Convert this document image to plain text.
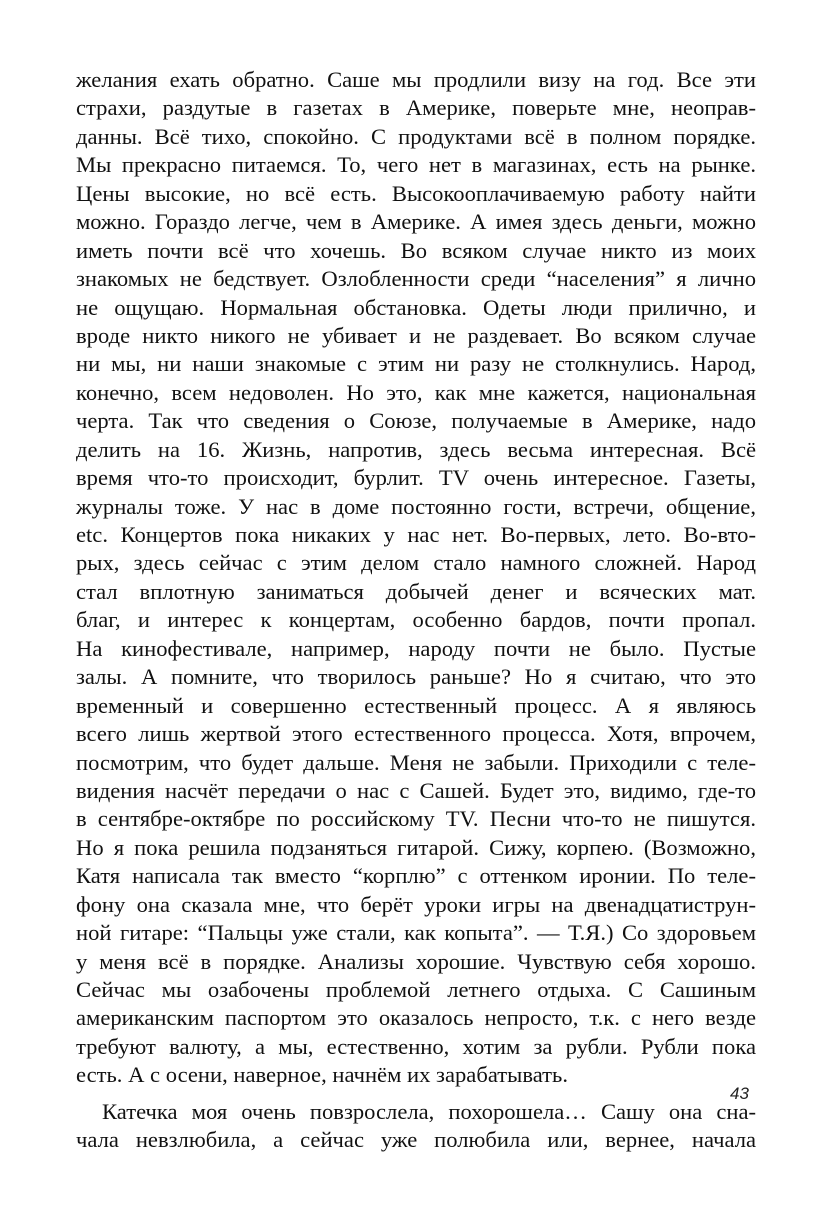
желания ехать обратно. Саше мы продлили визу на год. Все эти
страхи, раздутые в газетах в Америке, поверьте мне, неоправ-
данны. Всё тихо, спокойно. С продуктами всё в полном порядке.
Мы прекрасно питаемся. То, чего нет в магазинах, есть на рынке.
Цены высокие, но всё есть. Высокооплачиваемую работу найти
можно. Гораздо легче, чем в Америке. А имея здесь деньги, можно
иметь почти всё что хочешь. Во всяком случае никто из моих
знакомых не бедствует. Озлобленности среди “населения” я лично
не ощущаю. Нормальная обстановка. Одеты люди прилично, и
вроде никто никого не убивает и не раздевает. Во всяком случае
ни мы, ни наши знакомые с этим ни разу не столкнулись. Народ,
конечно, всем недоволен. Но это, как мне кажется, национальная
черта. Так что сведения о Союзе, получаемые в Америке, надо
делить на 16. Жизнь, напротив, здесь весьма интересная. Всё
время что-то происходит, бурлит. TV очень интересное. Газеты,
журналы тоже. У нас в доме постоянно гости, встречи, общение,
etc. Концертов пока никаких у нас нет. Во-первых, лето. Во-вто-
рых, здесь сейчас с этим делом стало намного сложней. Народ
стал вплотную заниматься добычей денег и всяческих мат.
благ, и интерес к концертам, особенно бардов, почти пропал.
На кинофестивале, например, народу почти не было. Пустые
залы. А помните, что творилось раньше? Но я считаю, что это
временный и совершенно естественный процесс. А я являюсь
всего лишь жертвой этого естественного процесса. Хотя, впрочем,
посмотрим, что будет дальше. Меня не забыли. Приходили с теле-
видения насчёт передачи о нас с Сашей. Будет это, видимо, где-то
в сентябре-октябре по российскому TV. Песни что-то не пишутся.
Но я пока решила подзаняться гитарой. Сижу, корпею. (Возможно,
Катя написала так вместо “корплю” с оттенком иронии. По теле-
фону она сказала мне, что берёт уроки игры на двенадцатиструн-
ной гитаре: “Пальцы уже стали, как копыта”. — Т.Я.) Со здоровьем
у меня всё в порядке. Анализы хорошие. Чувствую себя хорошо.
Сейчас мы озабочены проблемой летнего отдыха. С Сашиным
американским паспортом это оказалось непросто, т.к. с него везде
требуют валюту, а мы, естественно, хотим за рубли. Рубли пока
есть. А с осени, наверное, начнём их зарабатывать.
Катечка моя очень повзрослела, похорошела… Сашу она сна-
чала невзлюбила, а сейчас уже полюбила или, вернее, начала
43
